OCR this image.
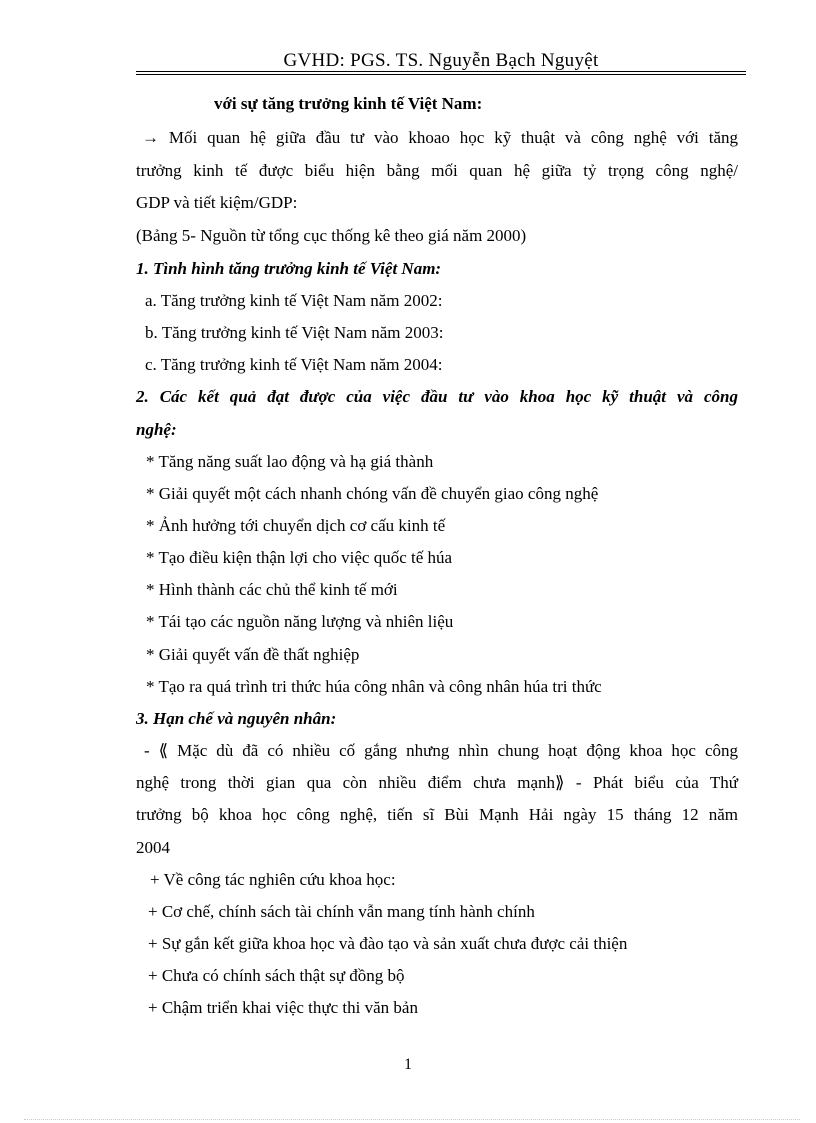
GVHD: PGS. TS. Nguyễn Bạch Nguyệt
với sự tăng trưởng kinh tế Việt Nam:
→ Mối quan hệ giữa đầu tư vào khoao học kỹ thuật và công nghệ với tăng
trưởng kinh tế được biểu hiện bằng mối quan hệ giữa tỷ trọng công nghệ/
GDP và tiết kiệm/GDP:
(Bảng 5- Nguồn từ tổng cục thống kê theo giá năm 2000)
1. Tình hình tăng trưởng kinh tế Việt Nam:
a. Tăng trưởng kinh tế Việt Nam năm 2002:
b. Tăng trưởng kinh tế Việt Nam năm 2003:
c. Tăng trưởng kinh tế Việt Nam năm 2004:
2. Các kết quả đạt được của việc đầu tư vào khoa học kỹ thuật và công
nghệ:
* Tăng năng suất lao động và hạ giá thành
* Giải quyết một cách nhanh chóng vấn đề chuyển giao công nghệ
* Ảnh hưởng tới chuyển dịch cơ cấu kinh tế
* Tạo điều kiện thận lợi cho việc quốc tế húa
* Hình thành các chủ thể kinh tế mới
* Tái tạo các nguồn năng lượng và nhiên liệu
* Giải quyết vấn đề thất nghiệp
* Tạo ra quá trình tri thức húa công nhân và công nhân húa tri thức
3. Hạn chế và nguyên nhân:
- ⟪ Mặc dù đã có nhiều cố gắng nhưng nhìn chung hoạt động khoa học công
nghệ trong thời gian qua còn nhiều điểm chưa mạnh⟫ - Phát biểu của Thứ
trưởng bộ khoa học công nghệ, tiến sĩ Bùi Mạnh Hải ngày 15 tháng 12 năm
2004
+ Về công tác nghiên cứu khoa học:
+ Cơ chế, chính sách tài chính vẫn mang tính hành chính
+ Sự gắn kết giữa khoa học và đào tạo và sản xuất chưa được cải thiện
+ Chưa có chính sách thật sự đồng bộ
+ Chậm triển khai việc thực thi văn bản
1
